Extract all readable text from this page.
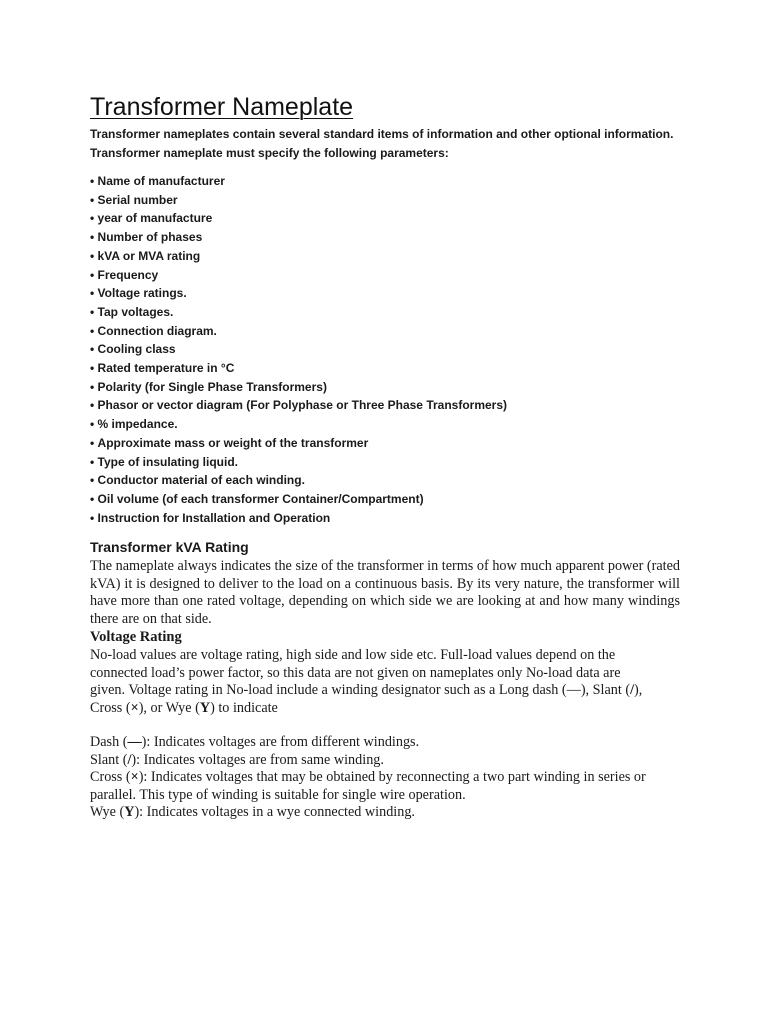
Transformer Nameplate
Transformer nameplates contain several standard items of information and other optional information.
Transformer nameplate must specify the following parameters:
• Name of manufacturer
• Serial number
• year of manufacture
• Number of phases
• kVA or MVA rating
• Frequency
• Voltage ratings.
• Tap voltages.
• Connection diagram.
• Cooling class
• Rated temperature in °C
• Polarity (for Single Phase Transformers)
• Phasor or vector diagram (For Polyphase or Three Phase Transformers)
• % impedance.
• Approximate mass or weight of the transformer
• Type of insulating liquid.
• Conductor material of each winding.
• Oil volume (of each transformer Container/Compartment)
• Instruction for Installation and Operation
Transformer kVA Rating
The nameplate always indicates the size of the transformer in terms of how much apparent power (rated kVA) it is designed to deliver to the load on a continuous basis. By its very nature, the transformer will have more than one rated voltage, depending on which side we are looking at and how many windings there are on that side.
Voltage Rating
No-load values are voltage rating, high side and low side etc. Full-load values depend on the
connected load’s power factor, so this data are not given on nameplates only No-load data are
given. Voltage rating in No-load include a winding designator such as a Long dash (—), Slant (/),
Cross (×), or Wye (Y) to indicate

Dash (—): Indicates voltages are from different windings.

Slant (/): Indicates voltages are from same winding.

Cross (×): Indicates voltages that may be obtained by reconnecting a two part winding in series or parallel. This type of winding is suitable for single wire operation.

Wye (Y): Indicates voltages in a wye connected winding.
